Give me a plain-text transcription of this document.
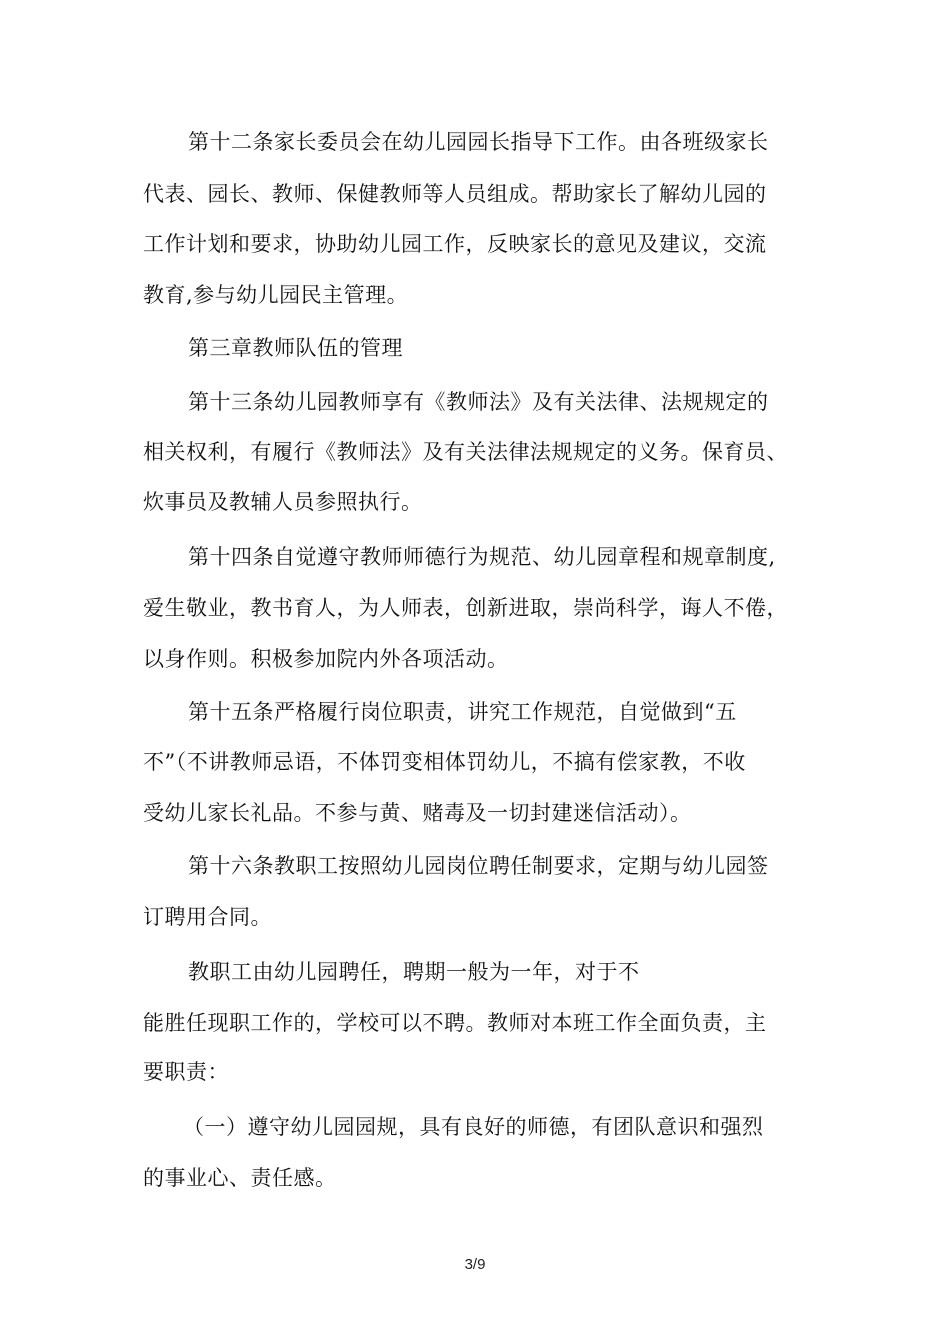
第十二条家长委员会在幼儿园园长指导下工作。由各班级家长
代表、园长、教师、保健教师等人员组成。帮助家长了解幼儿园的
工作计划和要求，协助幼儿园工作，反映家长的意见及建议，交流
教育,参与幼儿园民主管理。
第三章教师队伍的管理
第十三条幼儿园教师享有《教师法》及有关法律、法规规定的
相关权利，有履行《教师法》及有关法律法规规定的义务。保育员、
炊事员及教辅人员参照执行。
第十四条自觉遵守教师师德行为规范、幼儿园章程和规章制度,
爱生敬业，教书育人，为人师表，创新进取，崇尚科学，诲人不倦，
以身作则。积极参加院内外各项活动。
第十五条严格履行岗位职责，讲究工作规范，自觉做到“五
不”（不讲教师忌语，不体罚变相体罚幼儿，不搞有偿家教，不收
受幼儿家长礼品。不参与黄、赌毒及一切封建迷信活动）。
第十六条教职工按照幼儿园岗位聘任制要求，定期与幼儿园签
订聘用合同。
教职工由幼儿园聘任，聘期一般为一年，对于不
能胜任现职工作的，学校可以不聘。教师对本班工作全面负责，主
要职责：
（一）遵守幼儿园园规，具有良好的师德，有团队意识和强烈
的事业心、责任感。
3/9
